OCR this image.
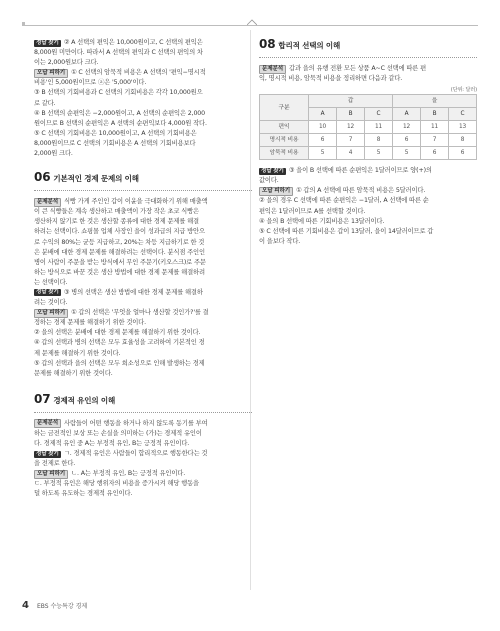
정답 찾기 ② A 선택의 편익은 10,000원이고, C 선택의 편익은
8,000원 미만이다. 따라서 A 선택의 편익과 C 선택의 편익의 차
이는 2,000원보다 크다.
오답 피하기 ① C 선택의 암묵적 비용은 A 선택의 '편익−명시적
비용'인 5,000원이므로 ⓐ은 '5,000'이다.
③ B 선택의 기회비용과 C 선택의 기회비용은 각각 10,000원으
로 같다.
④ B 선택의 순편익은 −2,000원이고, A 선택의 순편익은 2,000
원이므로 B 선택의 순편익은 A 선택의 순편익보다 4,000원 작다.
⑤ C 선택의 기회비용은 10,000원이고, A 선택의 기회비용은
8,000원이므로 C 선택의 기회비용은 A 선택의 기회비용보다
2,000원 크다.
06 기본적인 경제 문제의 이해
문제분석 식빵 가게 주인인 갑이 이윤을 극대화하기 위해 매출액
이 큰 식빵들은 계속 생산하고 매출액이 가장 작은 초코 식빵은
생산하지 않기로 한 것은 생산할 종류에 대한 경제 문제를 해결
하려는 선택이다. 쇼핑몰 업체 사장인 을이 성과급의 지급 방안으
로 수익의 80%는 균등 지급하고, 20%는 차등 지급하기로 한 것
은 분배에 대한 경제 문제를 해결하려는 선택이다. 분식점 주인인
병이 사람이 주문을 받는 방식에서 무인 주문기(키오스크)로 주문
하는 방식으로 바꾼 것은 생산 방법에 대한 경제 문제를 해결하려
는 선택이다.
정답 찾기 ③ 병의 선택은 생산 방법에 대한 경제 문제를 해결하
려는 것이다.
오답 피하기 ① 갑의 선택은 '무엇을 얼마나 생산할 것인가?'를 결
정하는 경제 문제를 해결하기 위한 것이다.
② 을의 선택은 분배에 대한 경제 문제를 해결하기 위한 것이다.
④ 갑의 선택과 병의 선택은 모두 효율성을 고려하여 기본적인 경
제 문제를 해결하기 위한 것이다.
⑤ 갑의 선택과 을의 선택은 모두 희소성으로 인해 발생하는 경제
문제를 해결하기 위한 것이다.
07 경제적 유인의 이해
문제분석 사람들이 어떤 행동을 하거나 하지 않도록 동기를 부여
하는 금전적인 보상 또는 손실을 의미하는 (가)는 경제적 유인이
다. 경제적 유인 중 A는 부정적 유인, B는 긍정적 유인이다.
정답 찾기 ㄱ. 경제적 유인은 사람들이 합리적으로 행동한다는 것
을 전제로 한다.
오답 피하기 ㄴ. A는 부정적 유인, B는 긍정적 유인이다.
ㄷ. 부정적 유인은 해당 행위자의 비용을 증가시켜 해당 행동을
덜 하도록 유도하는 경제적 유인이다.
08 합리적 선택의 이해
문제분석 갑과 을의 유행 전환 모든 상품 A~C 선택에 따른 편
익, 명시적 비용, 암묵적 비용을 정리하면 다음과 같다.
(단위: 달러)
구분	갑			을		
	A	B	C	A	B	C
편익	10	12	11	12	11	13
명시적 비용	6	7	8	6	7	8
암묵적 비용	5	4	5	5	6	6
정답 찾기 ③ 을이 B 선택에 따른 순편익은 1달러이므로 양(+)의
값이다.
오답 피하기 ① 갑의 A 선택에 따른 암묵적 비용은 5달러이다.
② 을의 경우 C 선택에 따른 순편익은 −1달러, A 선택에 따른 순
편익은 1달러이므로 A를 선택할 것이다.
④ 을의 B 선택에 따른 기회비용은 13달러이다.
⑤ C 선택에 따른 기회비용은 갑이 13달러, 을이 14달러이므로 갑
이 을보다 작다.
4 EBS 수능특강 경제
